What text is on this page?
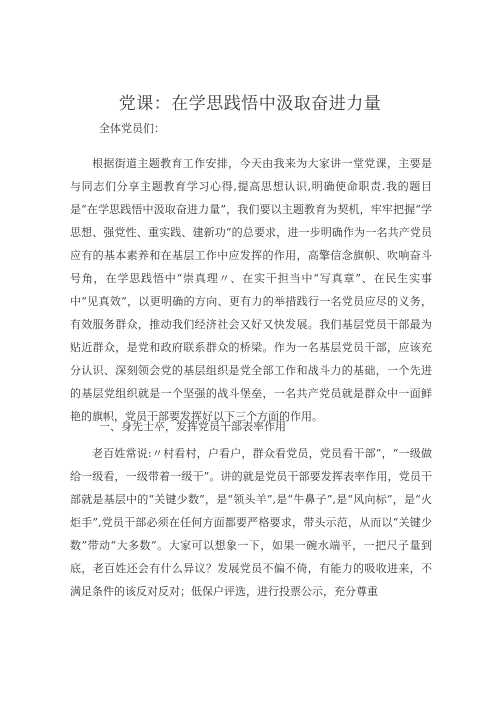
党课：在学思践悟中汲取奋进力量
全体党员们：

根据街道主题教育工作安排，今天由我来为大家讲一堂党课，主要是与同志们分享主题教育学习心得,提高思想认识,明确使命职责.我的题目是“在学思践悟中汲取奋进力量”，我们要以主题教育为契机，牢牢把握“学思想、强党性、重实践、建新功”的总要求，进一步明确作为一名共产党员应有的基本素养和在基层工作中应发挥的作用，高擎信念旗帜、吹响奋斗号角，在学思践悟中“崇真理〃、在实干担当中“写真章”、在民生实事中“见真效”，以更明确的方向、更有力的举措践行一名党员应尽的义务，有效服务群众，推动我们经济社会又好又快发展。我们基层党员干部最为贴近群众，是党和政府联系群众的桥梁。作为一名基层党员干部，应该充分认识、深刻领会党的基层组织是党全部工作和战斗力的基础，一个先进的基层党组织就是一个坚强的战斗堡垒，一名共产党员就是群众中一面鲜艳的旗帜，党员干部要发挥好以下三个方面的作用。

一、身先士卒，发挥党员干部表率作用

老百姓常说:〃村看村，户看户，群众看党员，党员看干部”，“一级做给一级看，一级带着一级干”。讲的就是党员干部要发挥表率作用，党员干部就是基层中的“关键少数”，是“领头羊”,是“牛鼻子”,是“风向标”，是“火炬手”,党员干部必须在任何方面都要严格要求，带头示范，从而以“关键少数”带动“大多数”。大家可以想象一下，如果一碗水端平，一把尺子量到底，老百姓还会有什么异议？发展党员不偏不倚，有能力的吸收进来，不满足条件的该反对反对；低保户评选，进行投票公示，充分尊重
